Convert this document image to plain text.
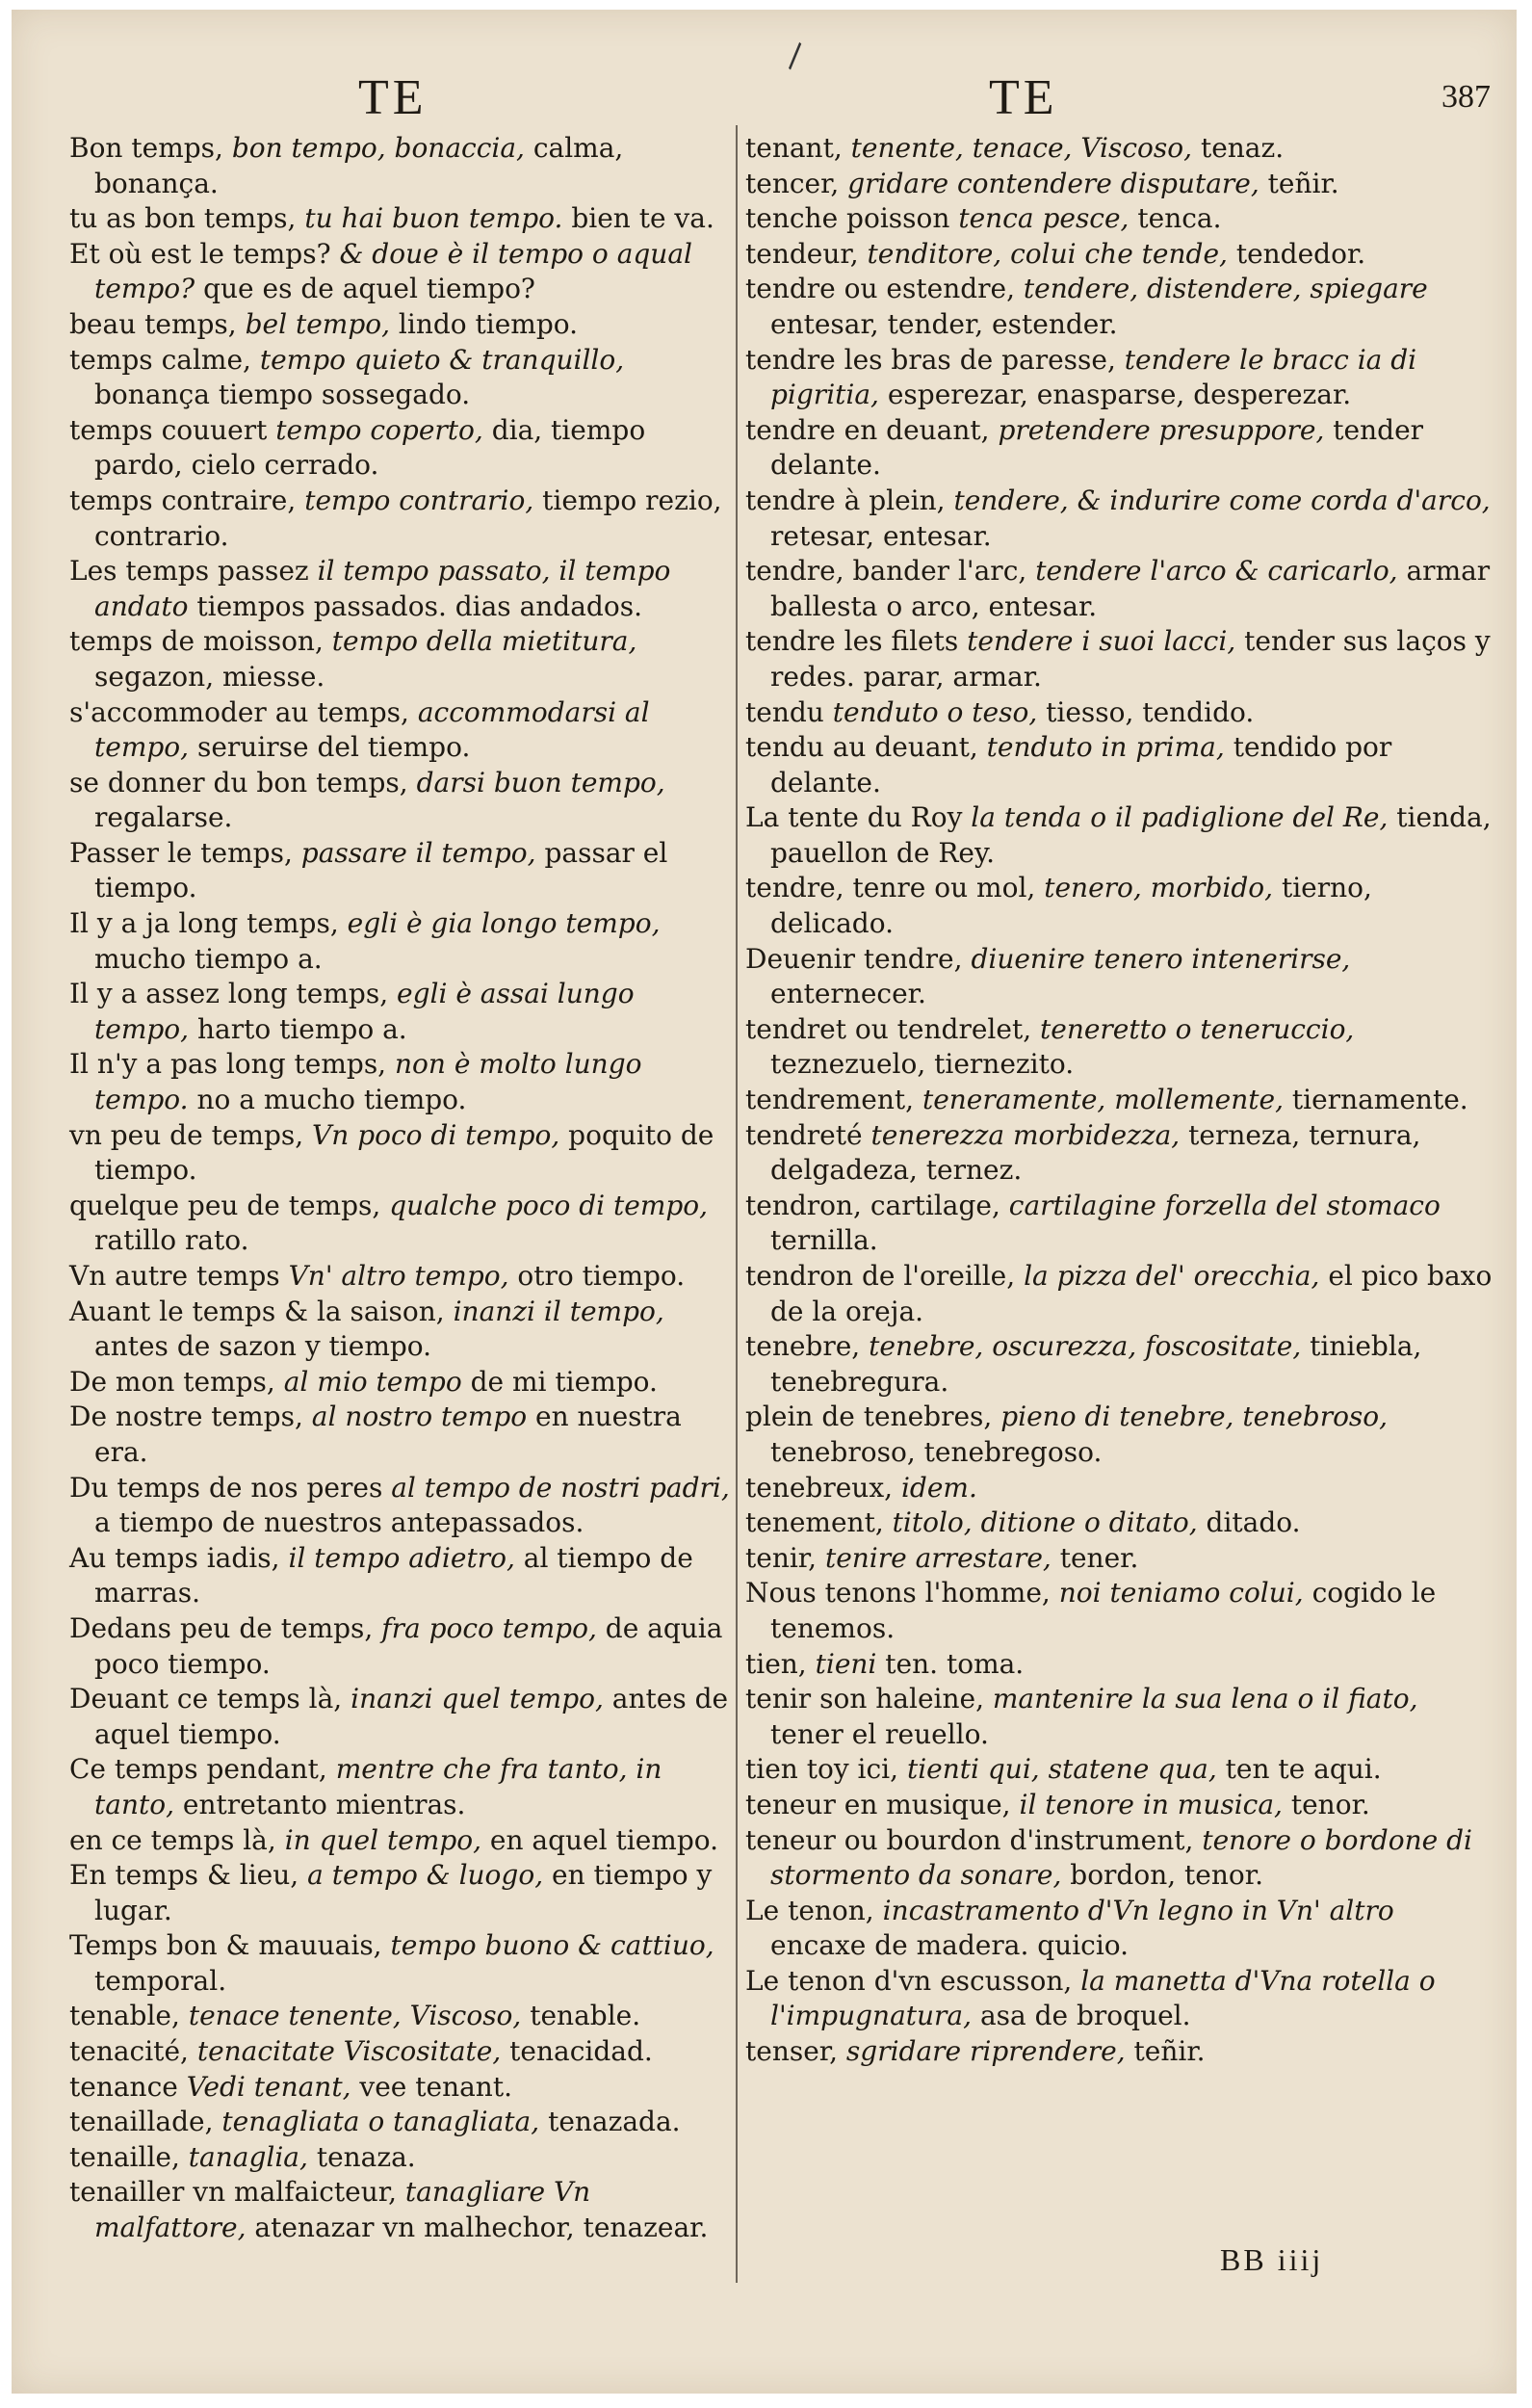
\
TE	TE	387
Bon temps, bon tempo, bonaccia, calma, bonança.
tu as bon temps, tu hai buon tempo. bien te va.
Et où est le temps? & doue è il tempo o aqual tempo? que es de aquel tiempo?
beau temps, bel tempo, lindo tiempo.
temps calme, tempo quieto & tranquillo, bonança tiempo sossegado.
temps couuert tempo coperto, dia, tiempo pardo, cielo cerrado.
temps contraire, tempo contrario, tiempo rezio, contrario.
Les temps passez il tempo passato, il tempo andato tiempos passados. dias andados.
temps de moisson, tempo della mietitura, segazon, miesse.
s'accommoder au temps, accommodarsi al tempo, seruirse del tiempo.
se donner du bon temps, darsi buon tempo, regalarse.
Passer le temps, passare il tempo, passar el tiempo.
Il y a ja long temps, egli è gia longo tempo, mucho tiempo a.
Il y a assez long temps, egli è assai lungo tempo, harto tiempo a.
Il n'y a pas long temps, non è molto lungo tempo. no a mucho tiempo.
vn peu de temps, Vn poco di tempo, poquito de tiempo.
quelque peu de temps, qualche poco di tempo, ratillo rato.
Vn autre temps Vn' altro tempo, otro tiempo.
Auant le temps & la saison, inanzi il tempo, antes de sazon y tiempo.
De mon temps, al mio tempo de mi tiempo.
De nostre temps, al nostro tempo en nuestra era.
Du temps de nos peres al tempo de nostri padri, a tiempo de nuestros antepassados.
Au temps iadis, il tempo adietro, al tiempo de marras.
Dedans peu de temps, fra poco tempo, de aquia poco tiempo.
Deuant ce temps là, inanzi quel tempo, antes de aquel tiempo.
Ce temps pendant, mentre che fra tanto, in tanto, entretanto mientras.
en ce temps là, in quel tempo, en aquel tiempo.
En temps & lieu, a tempo & luogo, en tiempo y lugar.
Temps bon & mauuais, tempo buono & cattiuo, temporal.
tenable, tenace tenente, Viscoso, tenable.
tenacité, tenacitate Viscositate, tenacidad.
tenance Vedi tenant, vee tenant.
tenaillade, tenagliata o tanagliata, tenazada.
tenaille, tanaglia, tenaza.
tenailler vn malfaicteur, tanagliare Vn malfattore, atenazar vn malhechor, tenazear.
tenant, tenente, tenace, Viscoso, tenaz.
tencer, gridare contendere disputare, teñir.
tenche poisson tenca pesce, tenca.
tendeur, tenditore, colui che tende, tendedor.
tendre ou estendre, tendere, distendere, spiegare entesar, tender, estender.
tendre les bras de paresse, tendere le bracc ia di pigritia, esperezar, enasparse, desperezar.
tendre en deuant, pretendere presuppore, tender delante.
tendre à plein, tendere, & indurire come corda d'arco, retesar, entesar.
tendre, bander l'arc, tendere l'arco & caricarlo, armar ballesta o arco, entesar.
tendre les filets tendere i suoi lacci, tender sus laços y redes. parar, armar.
tendu tenduto o teso, tiesso, tendido.
tendu au deuant, tenduto in prima, tendido por delante.
La tente du Roy la tenda o il padiglione del Re, tienda, pauellon de Rey.
tendre, tenre ou mol, tenero, morbido, tierno, delicado.
Deuenir tendre, diuenire tenero intenerirse, enternecer.
tendret ou tendrelet, teneretto o teneruccio, teznezuelo, tiernezito.
tendrement, teneramente, mollemente, tiernamente.
tendreté tenerezza morbidezza, terneza, ternura, delgadeza, ternez.
tendron, cartilage, cartilagine forzella del stomaco ternilla.
tendron de l'oreille, la pizza del' orecchia, el pico baxo de la oreja.
tenebre, tenebre, oscurezza, foscositate, tiniebla, tenebregura.
plein de tenebres, pieno di tenebre, tenebroso, tenebroso, tenebregoso.
tenebreux, idem.
tenement, titolo, ditione o ditato, ditado.
tenir, tenire arrestare, tener.
Nous tenons l'homme, noi teniamo colui, cogido le tenemos.
tien, tieni ten. toma.
tenir son haleine, mantenire la sua lena o il fiato, tener el reuello.
tien toy ici, tienti qui, statene qua, ten te aqui.
teneur en musique, il tenore in musica, tenor.
teneur ou bourdon d'instrument, tenore o bordone di stormento da sonare, bordon, tenor.
Le tenon, incastramento d'Vn legno in Vn' altro encaxe de madera. quicio.
Le tenon d'vn escusson, la manetta d'Vna rotella o l'impugnatura, asa de broquel.
tenser, sgridare riprendere, teñir.
BB iiij
